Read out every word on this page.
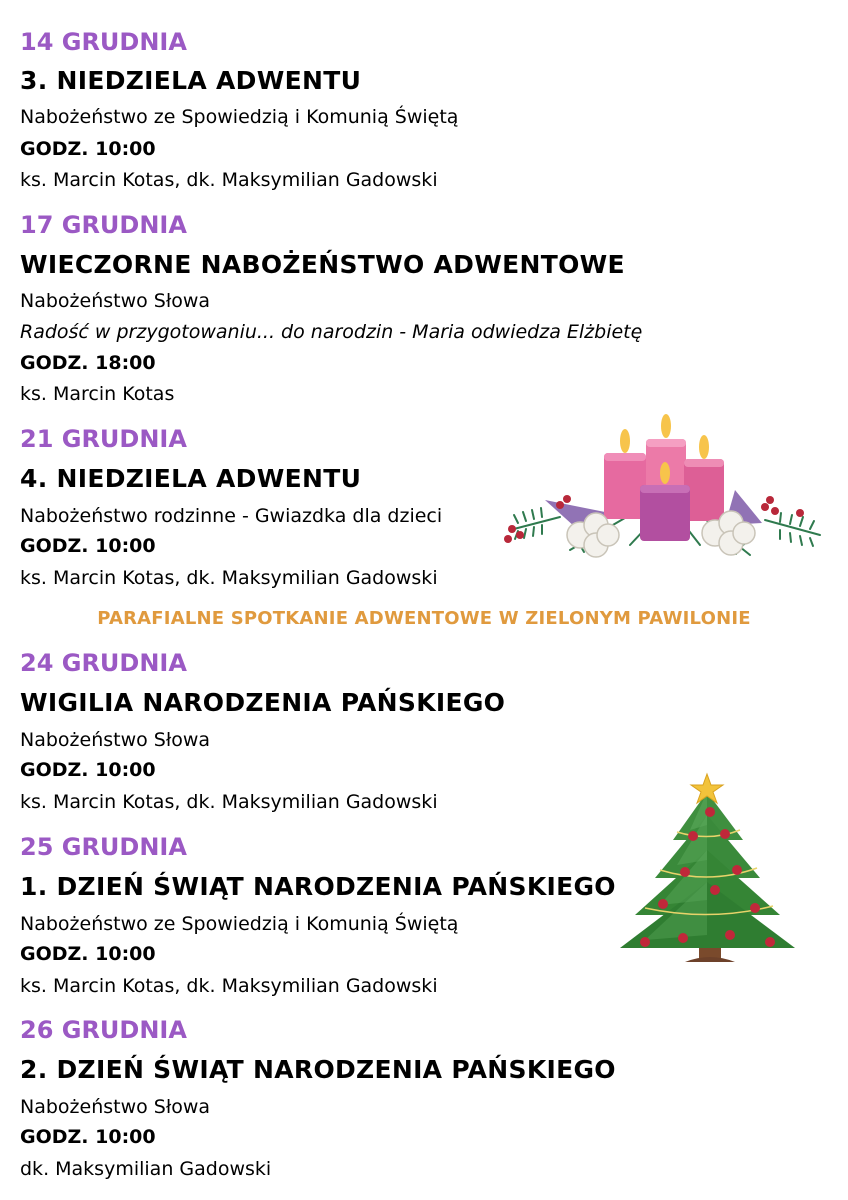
14 GRUDNIA
3. NIEDZIELA ADWENTU
Nabożeństwo ze Spowiedzią i Komunią Świętą
GODZ. 10:00
ks. Marcin Kotas, dk. Maksymilian Gadowski
17 GRUDNIA
WIECZORNE NABOŻEŃSTWO ADWENTOWE
Nabożeństwo Słowa
Radość w przygotowaniu... do narodzin - Maria odwiedza Elżbietę
GODZ. 18:00
ks. Marcin Kotas
21 GRUDNIA
4. NIEDZIELA ADWENTU
Nabożeństwo rodzinne - Gwiazdka dla dzieci
GODZ. 10:00
ks. Marcin Kotas, dk. Maksymilian Gadowski
PARAFIALNE SPOTKANIE ADWENTOWE W ZIELONYM PAWILONIE
24 GRUDNIA
WIGILIA NARODZENIA PAŃSKIEGO
Nabożeństwo Słowa
GODZ. 10:00
ks. Marcin Kotas, dk. Maksymilian Gadowski
25 GRUDNIA
1. DZIEŃ ŚWIĄT NARODZENIA PAŃSKIEGO
Nabożeństwo ze Spowiedzią i Komunią Świętą
GODZ. 10:00
ks. Marcin Kotas, dk. Maksymilian Gadowski
26 GRUDNIA
2. DZIEŃ ŚWIĄT NARODZENIA PAŃSKIEGO
Nabożeństwo Słowa
GODZ. 10:00
dk. Maksymilian Gadowski
